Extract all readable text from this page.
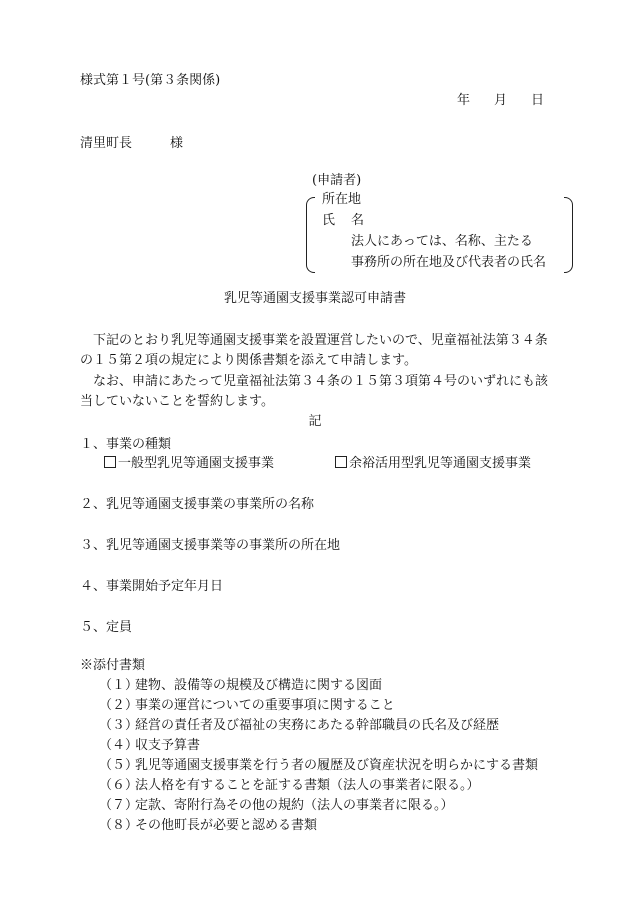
様式第１号(第３条関係)
年 月 日
清里町長	様
(申請者)
所在地
氏 名
法人にあっては、名称、主たる
事務所の所在地及び代表者の氏名
乳児等通園支援事業認可申請書
　下記のとおり乳児等通園支援事業を設置運営したいので、児童福祉法第３４条の１５第２項の規定により関係書類を添えて申請します。
　なお、申請にあたって児童福祉法第３４条の１５第３項第４号のいずれにも該当していないことを誓約します。
記
１、事業の種類
一般型乳児等通園支援事業	余裕活用型乳児等通園支援事業
２、乳児等通園支援事業の事業所の名称
３、乳児等通園支援事業等の事業所の所在地
４、事業開始予定年月日
５、定員
※添付書類
（１）建物、設備等の規模及び構造に関する図面
（２）事業の運営についての重要事項に関すること
（３）経営の責任者及び福祉の実務にあたる幹部職員の氏名及び経歴
（４）収支予算書
（５）乳児等通園支援事業を行う者の履歴及び資産状況を明らかにする書類
（６）法人格を有することを証する書類（法人の事業者に限る。）
（７）定款、寄附行為その他の規約（法人の事業者に限る。）
（８）その他町長が必要と認める書類
